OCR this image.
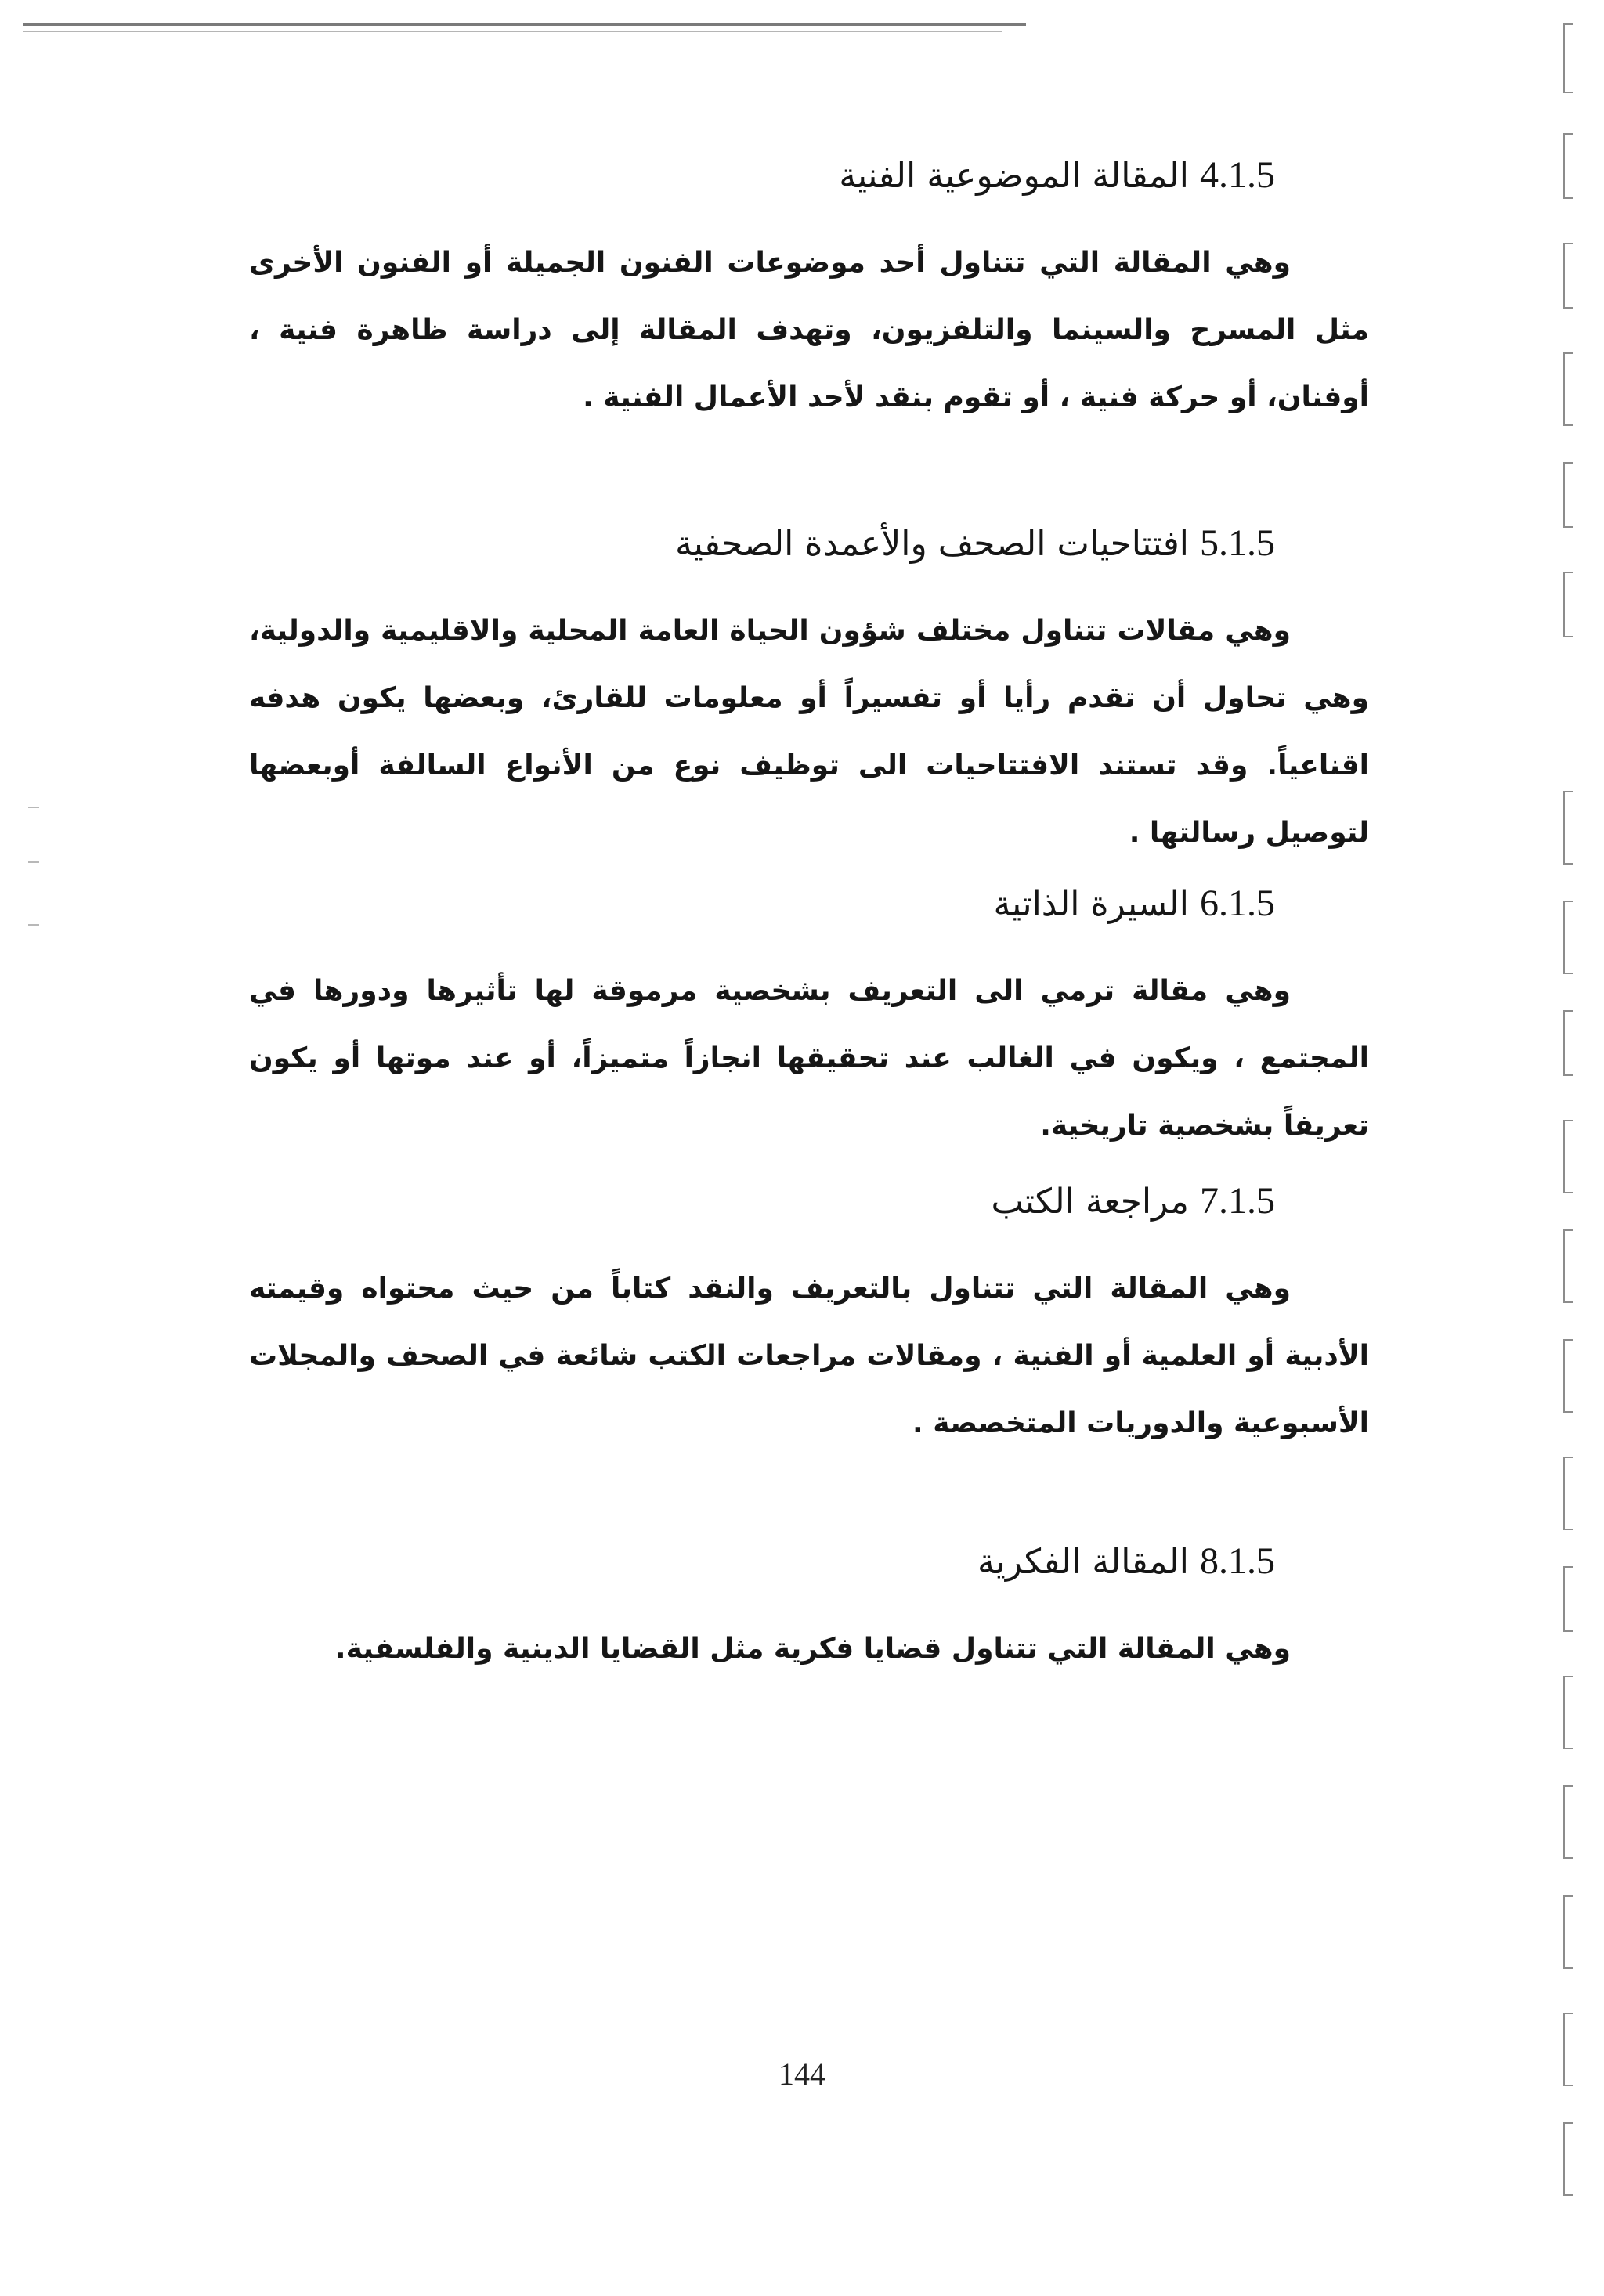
4.1.5المقالة الموضوعية الفنية

وهي المقالة التي تتناول أحد موضوعات الفنون الجميلة أو الفنون الأخرى مثل المسرح والسينما والتلفزيون، وتهدف المقالة إلى دراسة ظاهرة فنية ، أوفنان، أو حركة فنية ، أو تقوم بنقد لأحد الأعمال الفنية .

5.1.5افتتاحيات الصحف والأعمدة الصحفية

وهي مقالات تتناول مختلف شؤون الحياة العامة المحلية والاقليمية والدولية، وهي تحاول أن تقدم رأيا أو تفسيراً أو معلومات للقارئ، وبعضها يكون هدفه اقناعياً. وقد تستند الافتتاحيات الى توظيف نوع من الأنواع السالفة أوبعضها لتوصيل رسالتها .

6.1.5السيرة الذاتية

وهي مقالة ترمي الى التعريف بشخصية مرموقة لها تأثيرها ودورها في المجتمع ، ويكون في الغالب عند تحقيقها انجازاً متميزاً، أو عند موتها أو يكون تعريفاً بشخصية تاريخية.

7.1.5مراجعة الكتب

وهي المقالة التي تتناول بالتعريف والنقد كتاباً من حيث محتواه وقيمته الأدبية أو العلمية أو الفنية ، ومقالات مراجعات الكتب شائعة في الصحف والمجلات الأسبوعية والدوريات المتخصصة .

8.1.5المقالة الفكرية

وهي المقالة التي تتناول قضايا فكرية مثل القضايا الدينية والفلسفية.

144
